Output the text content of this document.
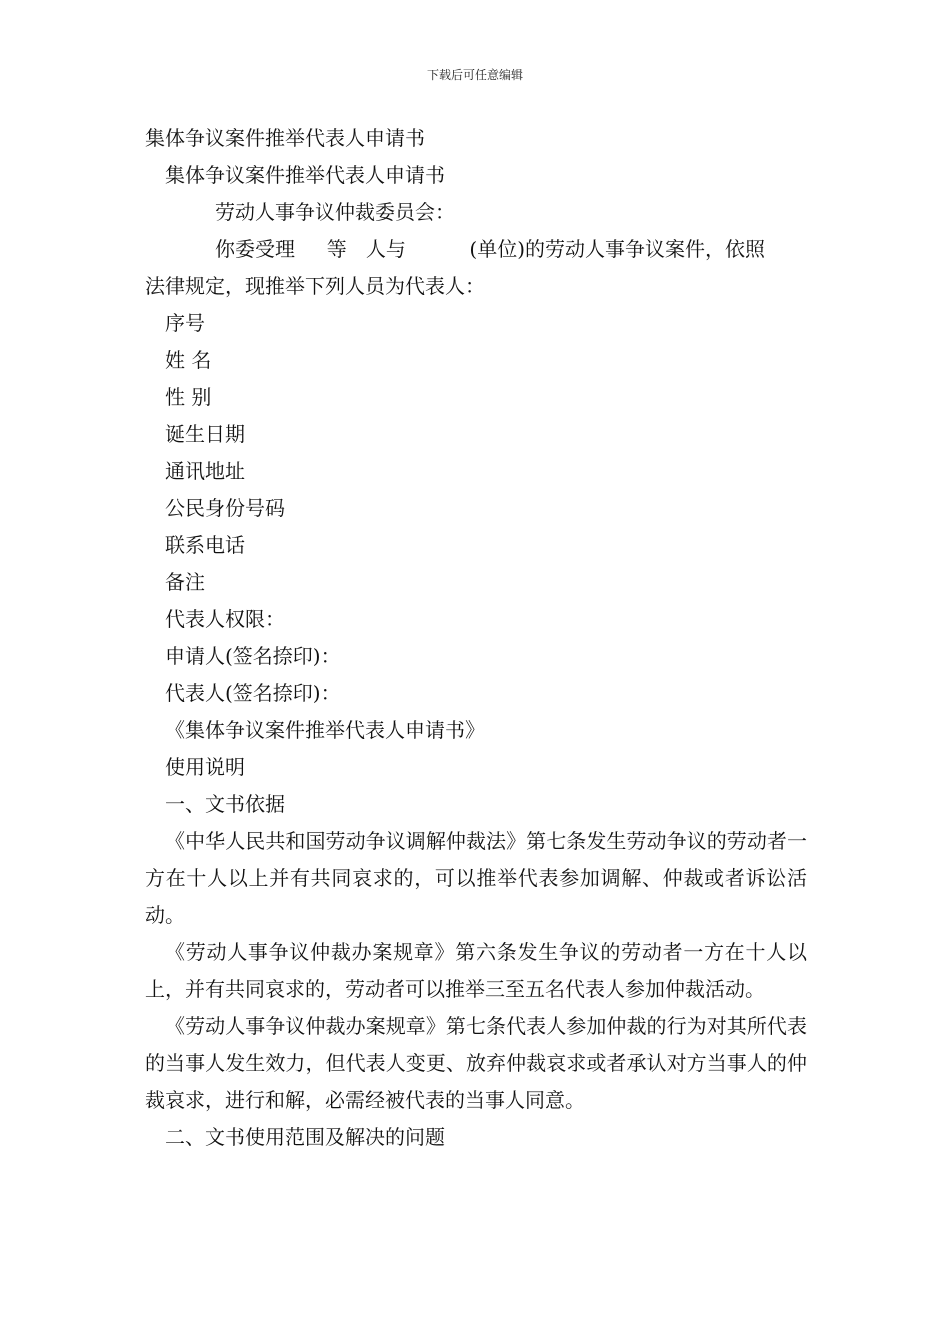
下载后可任意编辑

集体争议案件推举代表人申请书

集体争议案件推举代表人申请书

劳动人事争议仲裁委员会：

你委受理     等   人与          (单位)的劳动人事争议案件，依照

法律规定，现推举下列人员为代表人：

序号

姓 名

性 别

诞生日期

通讯地址

公民身份号码

联系电话

备注

代表人权限：

申请人(签名捺印)：

代表人(签名捺印)：

《集体争议案件推举代表人申请书》

使用说明

一、文书依据

《中华人民共和国劳动争议调解仲裁法》第七条发生劳动争议的劳动者一方在十人以上并有共同哀求的，可以推举代表参加调解、仲裁或者诉讼活动。

《劳动人事争议仲裁办案规章》第六条发生争议的劳动者一方在十人以上，并有共同哀求的，劳动者可以推举三至五名代表人参加仲裁活动。

《劳动人事争议仲裁办案规章》第七条代表人参加仲裁的行为对其所代表的当事人发生效力，但代表人变更、放弃仲裁哀求或者承认对方当事人的仲裁哀求，进行和解，必需经被代表的当事人同意。

二、文书使用范围及解决的问题
